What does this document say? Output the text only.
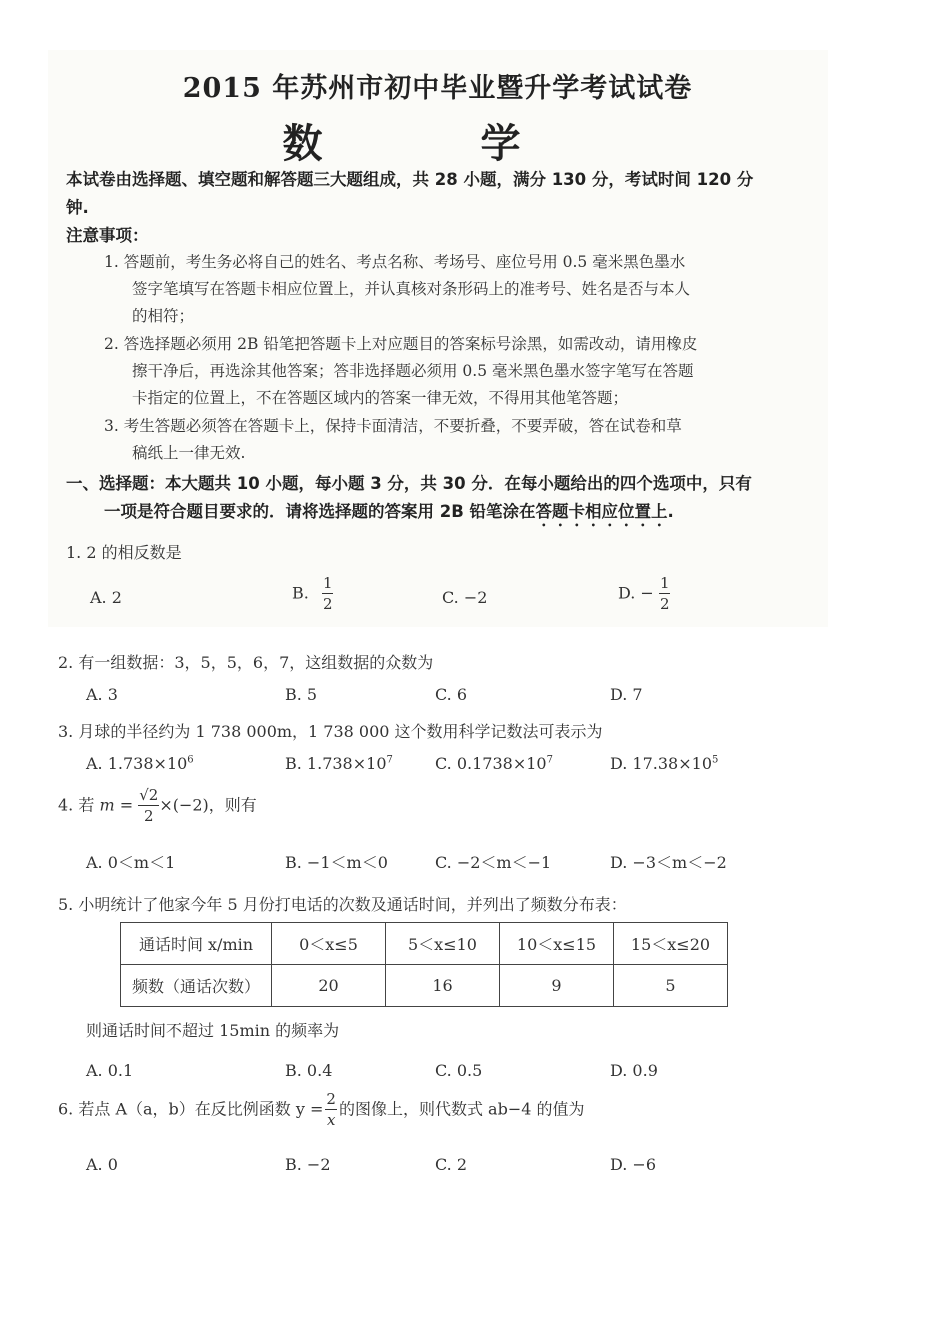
2015 年苏州市初中毕业暨升学考试试卷
数 学
本试卷由选择题、填空题和解答题三大题组成，共 28 小题，满分 130 分，考试时间 120 分
钟.
注意事项：
1. 答题前，考生务必将自己的姓名、考点名称、考场号、座位号用 0.5 毫米黑色墨水
签字笔填写在答题卡相应位置上，并认真核对条形码上的准考号、姓名是否与本人
的相符；
2. 答选择题必须用 2B 铅笔把答题卡上对应题目的答案标号涂黑，如需改动，请用橡皮
擦干净后，再选涂其他答案；答非选择题必须用 0.5 毫米黑色墨水签字笔写在答题
卡指定的位置上，不在答题区域内的答案一律无效，不得用其他笔答题；
3. 考生答题必须答在答题卡上，保持卡面清洁，不要折叠，不要弄破，答在试卷和草
稿纸上一律无效.
一、选择题：本大题共 10 小题，每小题 3 分，共 30 分．在每小题给出的四个选项中，只有
一项是符合题目要求的．请将选择题的答案用 2B 铅笔涂在答题卡相应位置上.
1. 2 的相反数是
A. 2	B. $\frac{1}{2}$	C. −2	D. − $\frac{1}{2}$
2. 有一组数据：3，5，5，6，7，这组数据的众数为
A. 3	B. 5	C. 6	D. 7
3. 月球的半径约为 1 738 000m，1 738 000 这个数用科学记数法可表示为
A. $1.738\times 10^6$	B. $1.738\times 10^7$	C. $0.1738\times 10^7$	D. $17.38\times 10^5$
4. 若 $m = \frac{√2}{2} \times(-2)$，则有
A. 0＜m＜1	B. −1＜m＜0	C. −2＜m＜−1	D. −3＜m＜−2
5. 小明统计了他家今年 5 月份打电话的次数及通话时间，并列出了频数分布表：
通话时间 x/min	0＜x≤5	5＜x≤10	10＜x≤15	15＜x≤20
频数（通话次数）	20	16	9	5
则通话时间不超过 15min 的频率为
A. 0.1	B. 0.4	C. 0.5	D. 0.9
6. 若点 A（a，b）在反比例函数 $y = \frac{2}{x}$ 的图像上，则代数式 ab−4 的值为
A. 0	B. −2	C. 2	D. −6
